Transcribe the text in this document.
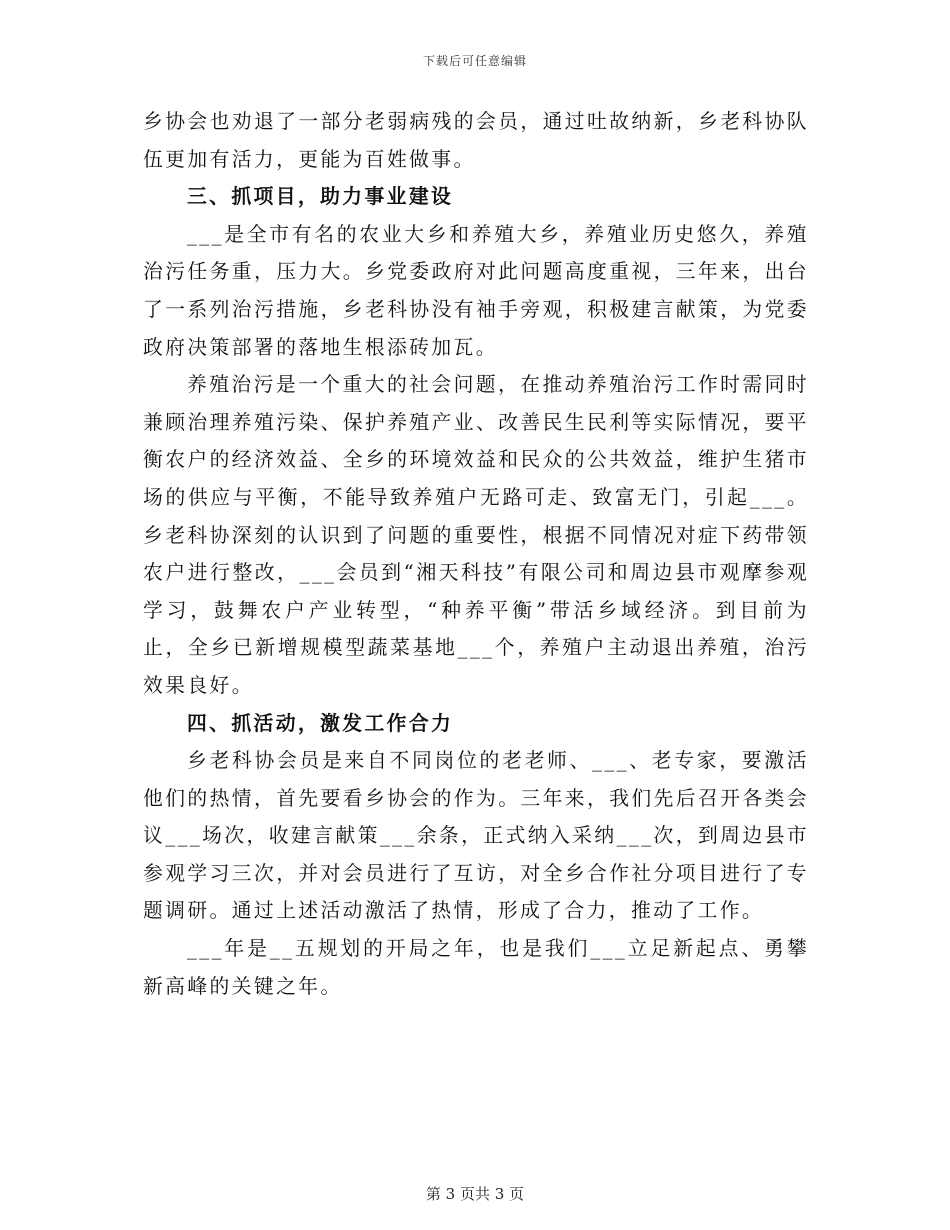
下载后可任意编辑

乡协会也劝退了一部分老弱病残的会员，通过吐故纳新，乡老科协队伍更加有活力，更能为百姓做事。

三、抓项目，助力事业建设

___是全市有名的农业大乡和养殖大乡，养殖业历史悠久，养殖治污任务重，压力大。乡党委政府对此问题高度重视，三年来，出台了一系列治污措施，乡老科协没有袖手旁观，积极建言献策，为党委政府决策部署的落地生根添砖加瓦。

养殖治污是一个重大的社会问题，在推动养殖治污工作时需同时兼顾治理养殖污染、保护养殖产业、改善民生民利等实际情况，要平衡农户的经济效益、全乡的环境效益和民众的公共效益，维护生猪市场的供应与平衡，不能导致养殖户无路可走、致富无门，引起___。乡老科协深刻的认识到了问题的重要性，根据不同情况对症下药带领农户进行整改，___会员到“湘天科技”有限公司和周边县市观摩参观学习，鼓舞农户产业转型，“种养平衡”带活乡域经济。到目前为止，全乡已新增规模型蔬菜基地___个，养殖户主动退出养殖，治污效果良好。

四、抓活动，激发工作合力

乡老科协会员是来自不同岗位的老老师、___、老专家，要激活他们的热情，首先要看乡协会的作为。三年来，我们先后召开各类会议___场次，收建言献策___余条，正式纳入采纳___次，到周边县市参观学习三次，并对会员进行了互访，对全乡合作社分项目进行了专题调研。通过上述活动激活了热情，形成了合力，推动了工作。

___年是__五规划的开局之年，也是我们___立足新起点、勇攀新高峰的关键之年。

第 3 页共 3 页
